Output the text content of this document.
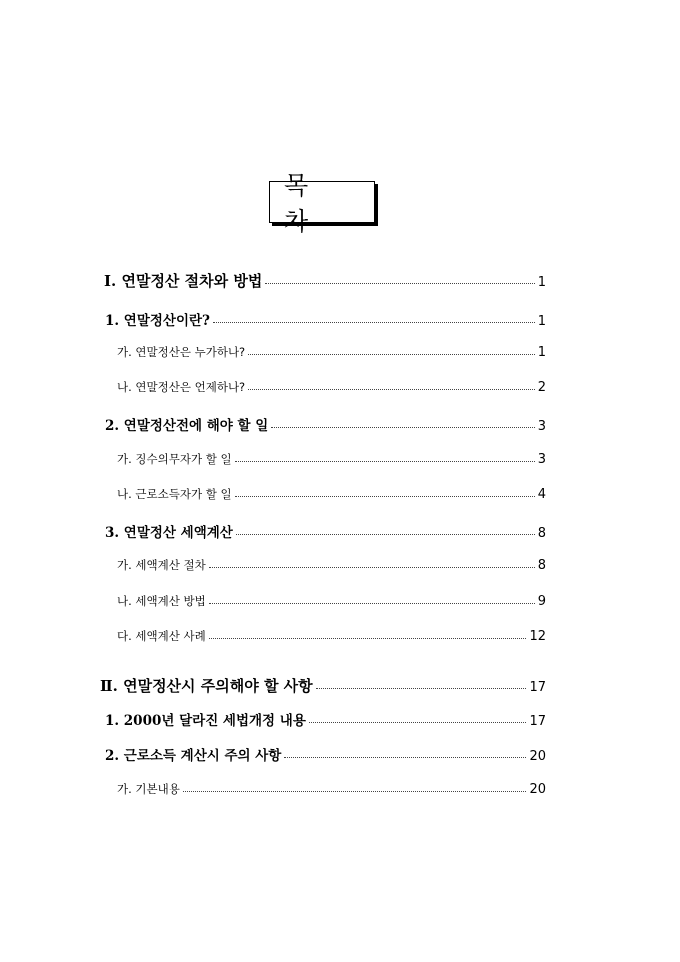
목 차
Ⅰ. 연말정산 절차와 방법	1
1. 연말정산이란?	1
가. 연말정산은 누가하나?	1
나. 연말정산은 언제하나?	2
2. 연말정산전에 해야 할 일	3
가. 징수의무자가 할 일	3
나. 근로소득자가 할 일	4
3. 연말정산 세액계산	8
가. 세액계산 절차	8
나. 세액계산 방법	9
다. 세액계산 사례	12
Ⅱ. 연말정산시 주의해야 할 사항	17
1. 2000년 달라진 세법개정 내용	17
2. 근로소득 계산시 주의 사항	20
가. 기본내용	20
